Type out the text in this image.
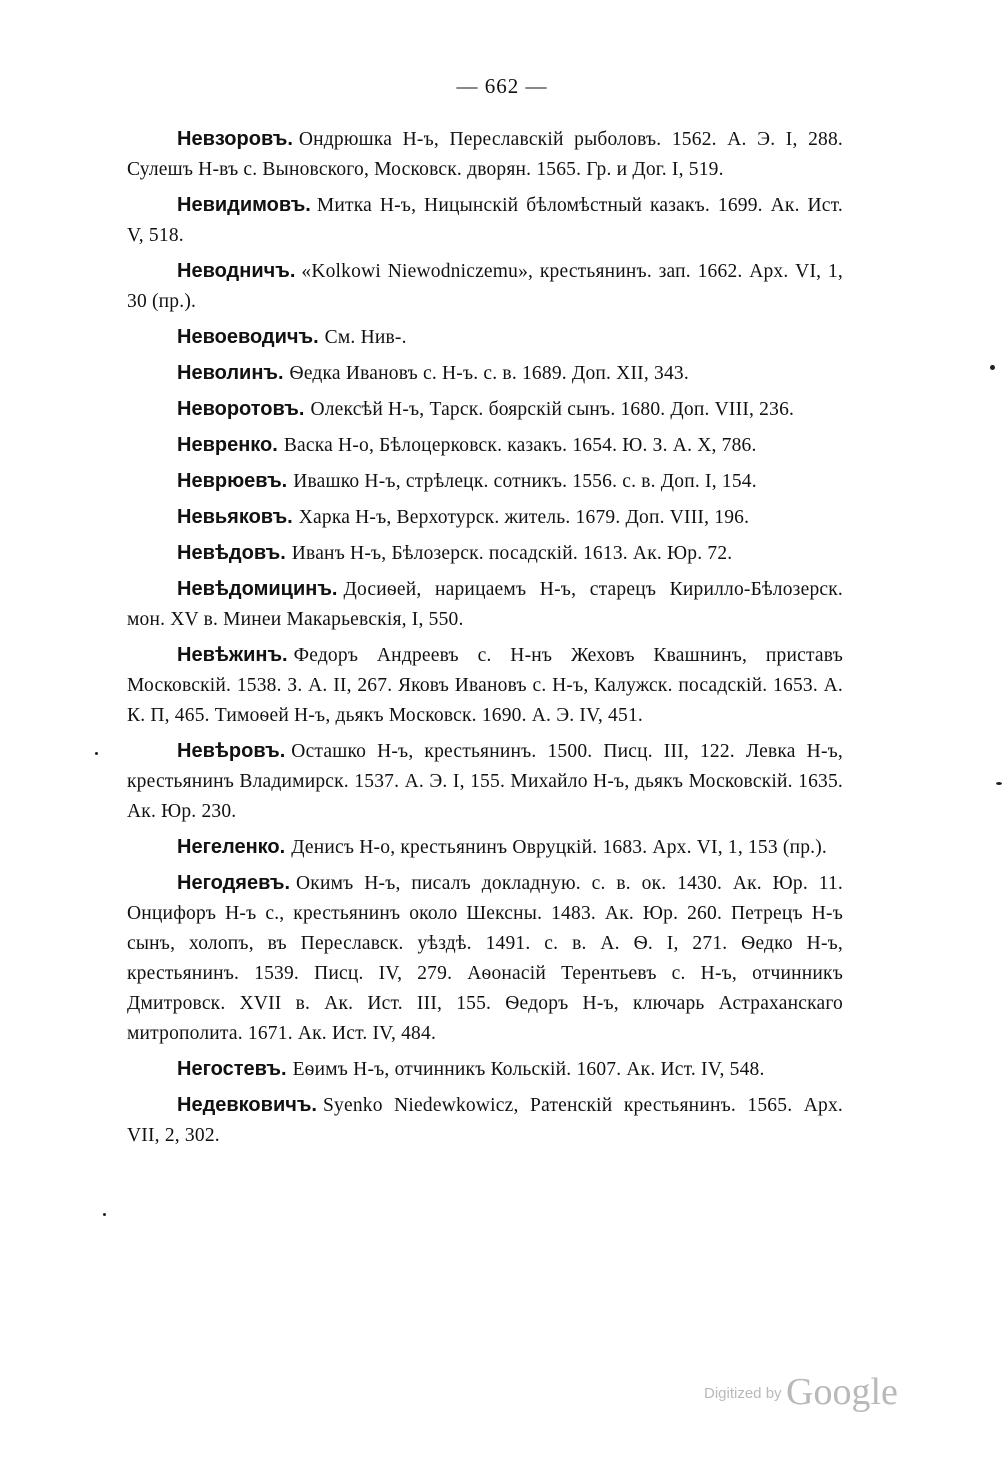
— 662 —

Невзоровъ. Ондрюшка Н-ъ, Переславскій рыболовъ. 1562. А. Э. I, 288. Сулешъ Н-въ с. Выновского, Московск. дворян. 1565. Гр. и Дог. I, 519.

Невидимовъ. Митка Н-ъ, Ницынскій бѣломѣстный казакъ. 1699. Ак. Ист. V, 518.

Неводничъ. «Kolkowi Niewodniczemu», крестьянинъ. зап. 1662. Арх. VI, 1, 30 (пр.).

Невоеводичъ. См. Нив-.

Неволинъ. Ѳедка Ивановъ с. Н-ъ. с. в. 1689. Доп. XII, 343.

Неворотовъ. Олексѣй Н-ъ, Тарск. боярскій сынъ. 1680. Доп. VIII, 236.

Невренко. Васка Н-о, Бѣлоцерковск. казакъ. 1654. Ю. З. А. X, 786.

Неврюевъ. Ивашко Н-ъ, стрѣлецк. сотникъ. 1556. с. в. Доп. I, 154.

Невьяковъ. Харка Н-ъ, Верхотурск. житель. 1679. Доп. VIII, 196.

Невѣдовъ. Иванъ Н-ъ, Бѣлозерск. посадскій. 1613. Ак. Юр. 72.

Невѣдомицинъ. Досиѳей, нарицаемъ Н-ъ, старецъ Кирилло-Бѣлозерск. мон. XV в. Минеи Макарьевскія, I, 550.

Невѣжинъ. Федоръ Андреевъ с. Н-нъ Жеховъ Квашнинъ, приставъ Московскій. 1538. З. А. II, 267. Яковъ Ивановъ с. Н-ъ, Калужск. посадскій. 1653. А. К. П, 465. Тимоѳей Н-ъ, дьякъ Московск. 1690. А. Э. IV, 451.

Невѣровъ. Осташко Н-ъ, крестьянинъ. 1500. Писц. III, 122. Левка Н-ъ, крестьянинъ Владимирск. 1537. А. Э. I, 155. Михайло Н-ъ, дьякъ Московскій. 1635. Ак. Юр. 230.

Негеленко. Денисъ Н-о, крестьянинъ Овруцкій. 1683. Арх. VI, 1, 153 (пр.).

Негодяевъ. Окимъ Н-ъ, писалъ докладную. с. в. ок. 1430. Ак. Юр. 11. Онцифоръ Н-ъ с., крестьянинъ около Шексны. 1483. Ак. Юр. 260. Петрецъ Н-ъ сынъ, холопъ, въ Переславск. уѣздѣ. 1491. с. в. А. Ѳ. I, 271. Ѳедко Н-ъ, крестьянинъ. 1539. Писц. IV, 279. Аѳонасій Терентьевъ с. Н-ъ, отчинникъ Дмитровск. XVII в. Ак. Ист. III, 155. Ѳедоръ Н-ъ, ключарь Астраханскаго митрополита. 1671. Ак. Ист. IV, 484.

Негостевъ. Еѳимъ Н-ъ, отчинникъ Кольскій. 1607. Ак. Ист. IV, 548.

Недевковичъ. Syenko Niedewkowicz, Ратенскій крестьянинъ. 1565. Арх. VII, 2, 302.

Digitized by Google
